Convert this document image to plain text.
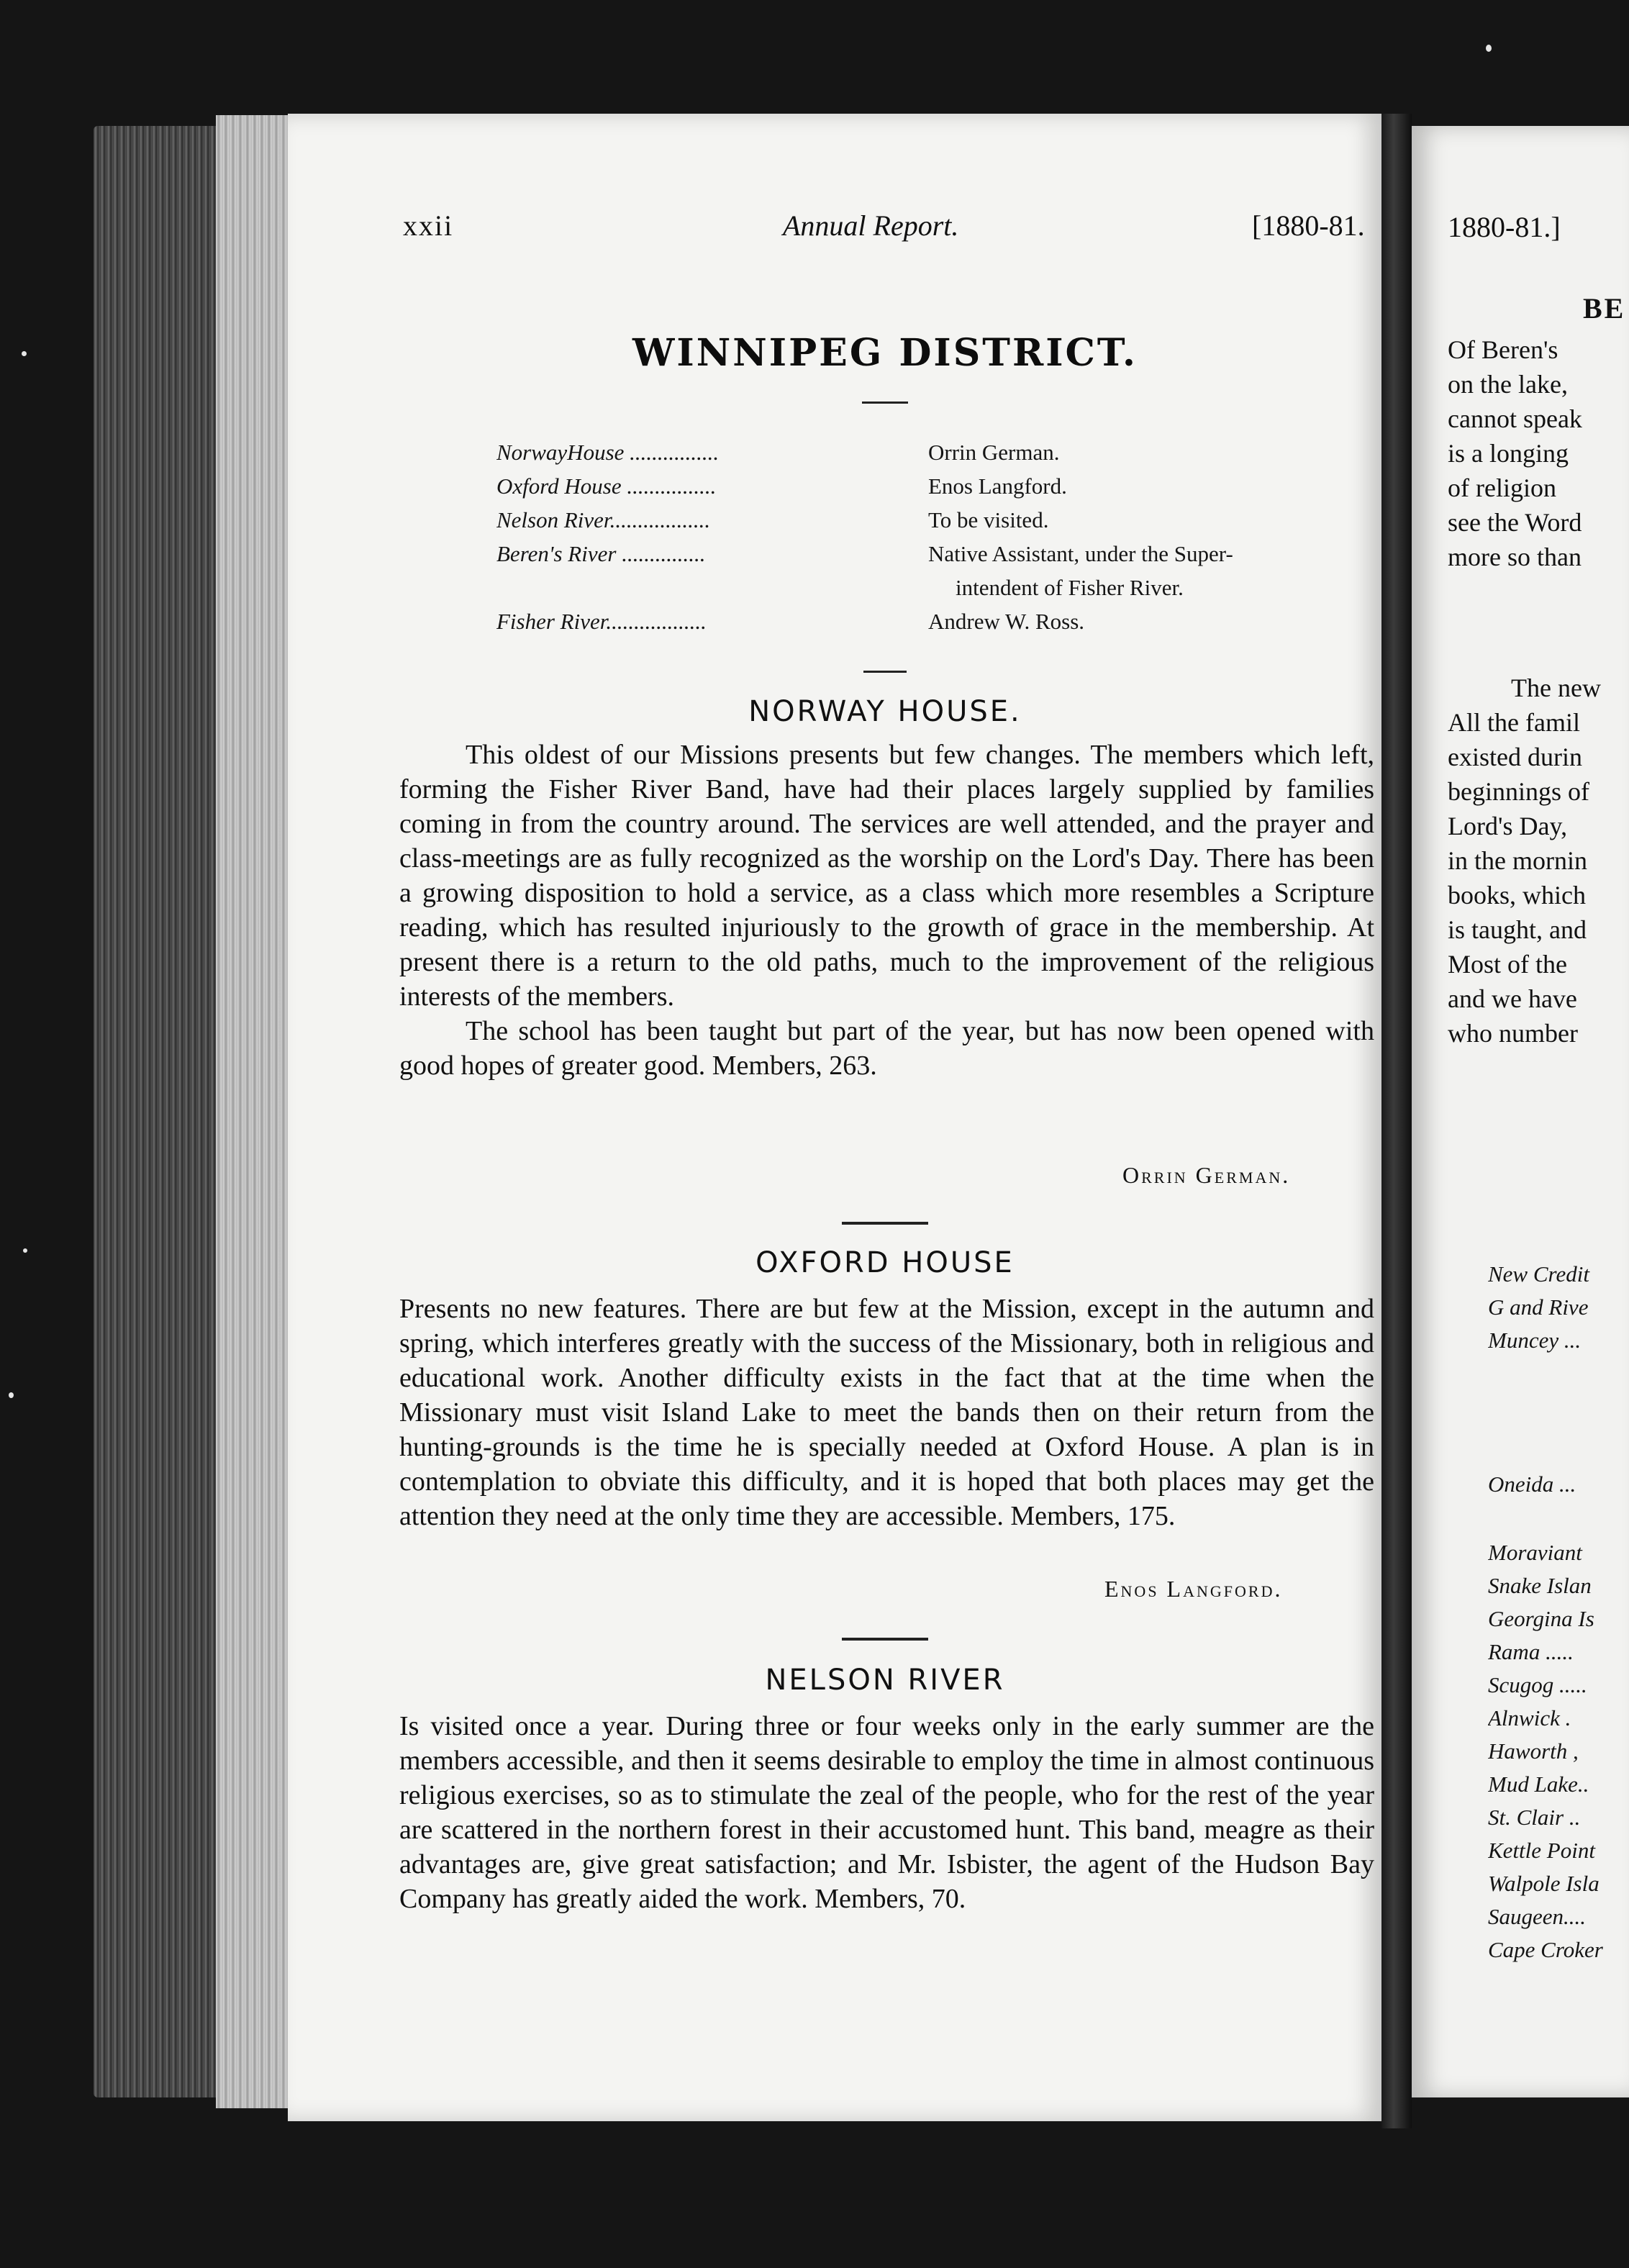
xxii	Annual Report.	[1880-81.
WINNIPEG DISTRICT.
NorwayHouse ................	Orrin German.
Oxford House ................	Enos Langford.
Nelson River..................	To be visited.
Beren's River ...............	Native Assistant, under the Super-
intendent of Fisher River.

Fisher River..................	Andrew W. Ross.
NORWAY HOUSE.

This oldest of our Missions presents but few changes. The members which left, forming the Fisher River Band, have had their places largely supplied by families coming in from the country around. The services are well attended, and the prayer and class-meetings are as fully recognized as the worship on the Lord's Day. There has been a growing disposition to hold a service, as a class which more resembles a Scripture reading, which has resulted injuriously to the growth of grace in the membership. At present there is a return to the old paths, much to the improvement of the religious interests of the members.

The school has been taught but part of the year, but has now been opened with good hopes of greater good. Members, 263.

Orrin German.
OXFORD HOUSE

Presents no new features. There are but few at the Mission, except in the autumn and spring, which interferes greatly with the success of the Missionary, both in religious and educational work. Another difficulty exists in the fact that at the time when the Missionary must visit Island Lake to meet the bands then on their return from the hunting-grounds is the time he is specially needed at Oxford House. A plan is in contemplation to obviate this difficulty, and it is hoped that both places may get the attention they need at the only time they are accessible. Members, 175.

Enos Langford.
NELSON RIVER

Is visited once a year. During three or four weeks only in the early summer are the members accessible, and then it seems desirable to employ the time in almost continuous religious exercises, so as to stimulate the zeal of the people, who for the rest of the year are scattered in the northern forest in their accustomed hunt. This band, meagre as their advantages are, give great satisfaction; and Mr. Isbister, the agent of the Hudson Bay Company has greatly aided the work. Members, 70.

1880-81.]
BE
Of Beren's
on the lake,
cannot speak
is a longing
of religion
see the Word
more so than
The new
All the famil
existed durin
beginnings of
Lord's Day,
in the mornin
books, which
is taught, and
Most of the
and we have
who number
New Credit
G and Rive
Muncey ...
Oneida ...
Moraviant
Snake Islan
Georgina Is
Rama .....
Scugog .....
Alnwick .
Haworth ,
Mud Lake..
St. Clair ..
Kettle Point
Walpole Isla
Saugeen....
Cape Croker
